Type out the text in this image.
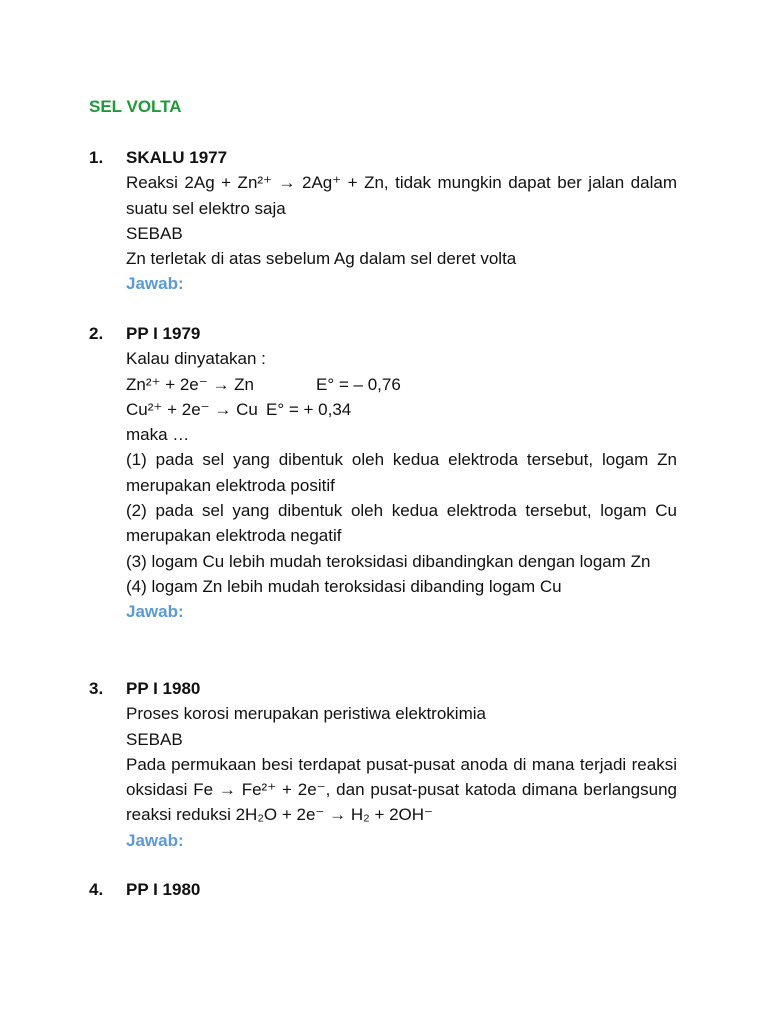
SEL VOLTA
1.	SKALU 1977
Reaksi 2Ag + Zn²⁺ → 2Ag⁺ + Zn, tidak mungkin dapat ber jalan dalam suatu sel elektro saja
SEBAB
Zn terletak di atas sebelum Ag dalam sel deret volta
Jawab:
2.	PP I 1979
Kalau dinyatakan :
Zn²⁺ + 2e⁻ → Zn	E° = – 0,76
Cu²⁺ + 2e⁻ → Cu E° = + 0,34
maka …
(1) pada sel yang dibentuk oleh kedua elektroda tersebut, logam Zn merupakan elektroda positif
(2) pada sel yang dibentuk oleh kedua elektroda tersebut, logam Cu merupakan elektroda negatif
(3) logam Cu lebih mudah teroksidasi dibandingkan dengan logam Zn
(4) logam Zn lebih mudah teroksidasi dibanding logam Cu
Jawab:
3.	PP I 1980
Proses korosi merupakan peristiwa elektrokimia
SEBAB
Pada permukaan besi terdapat pusat-pusat anoda di mana terjadi reaksi oksidasi Fe → Fe²⁺ + 2e⁻, dan pusat-pusat katoda dimana berlangsung reaksi reduksi 2H₂O + 2e⁻ → H₂ + 2OH⁻
Jawab:
4.	PP I 1980
